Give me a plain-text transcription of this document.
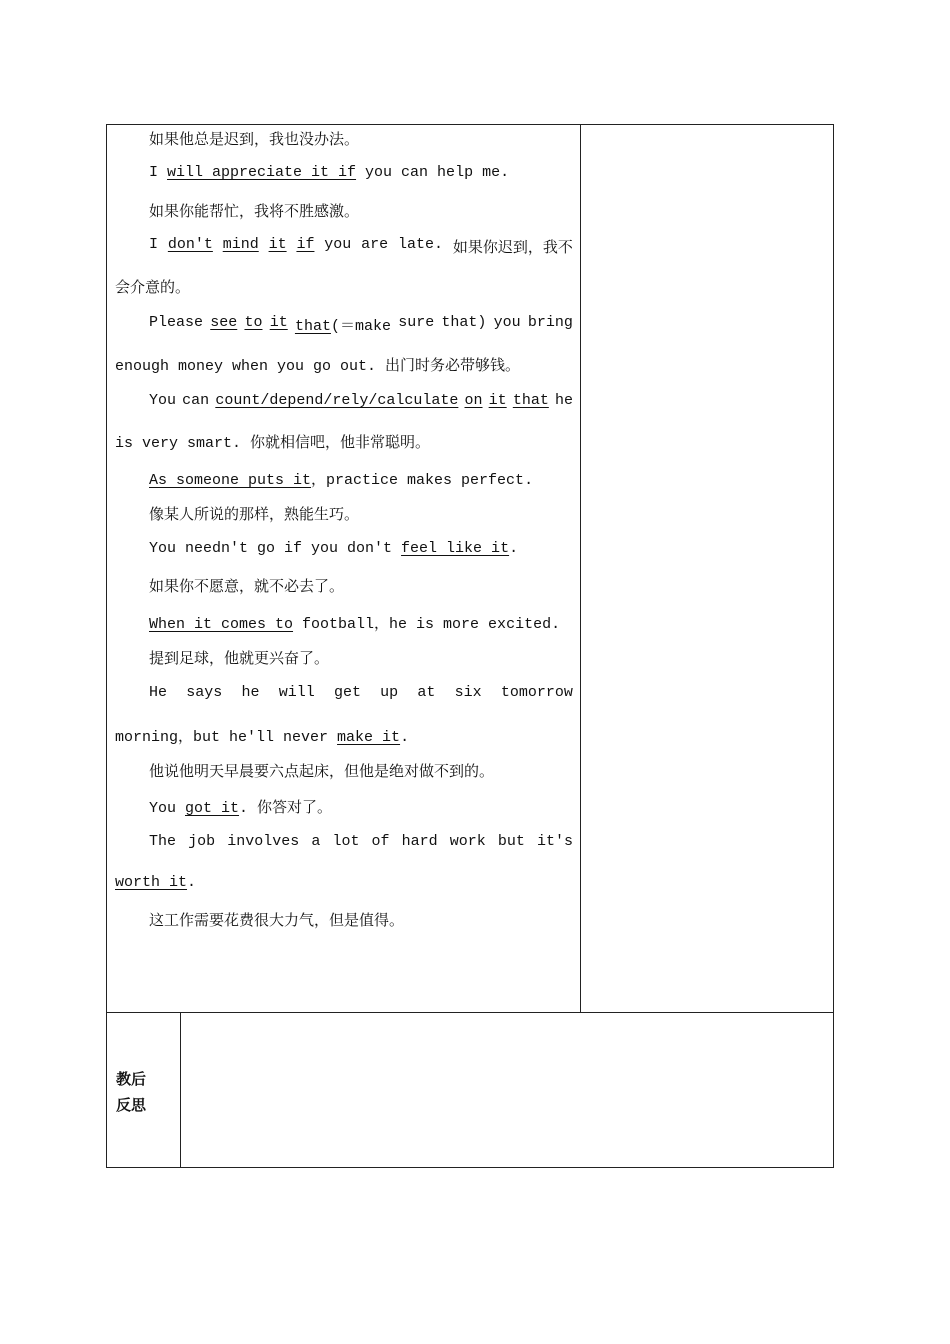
如果他总是迟到，我也没办法。
I will appreciate it if you can help me.
如果你能帮忙，我将不胜感激。
I don't mind it if you are late. 如果你迟到，我不
会介意的。
Please see to it that(＝make sure that) you bring
enough money when you go out. 出门时务必带够钱。
You can count/depend/rely/calculate on it that he
is very smart. 你就相信吧，他非常聪明。
As someone puts it，practice makes perfect.
像某人所说的那样，熟能生巧。
You needn't go if you don't feel like it.
如果你不愿意，就不必去了。
When it comes to football，he is more excited.
提到足球，他就更兴奋了。
He says he will get up at six tomorrow
morning，but he'll never make it.
他说他明天早晨要六点起床，但他是绝对做不到的。
You got it. 你答对了。
The job involves a lot of hard work but it's
worth it.
这工作需要花费很大力气，但是值得。
教后
反思
